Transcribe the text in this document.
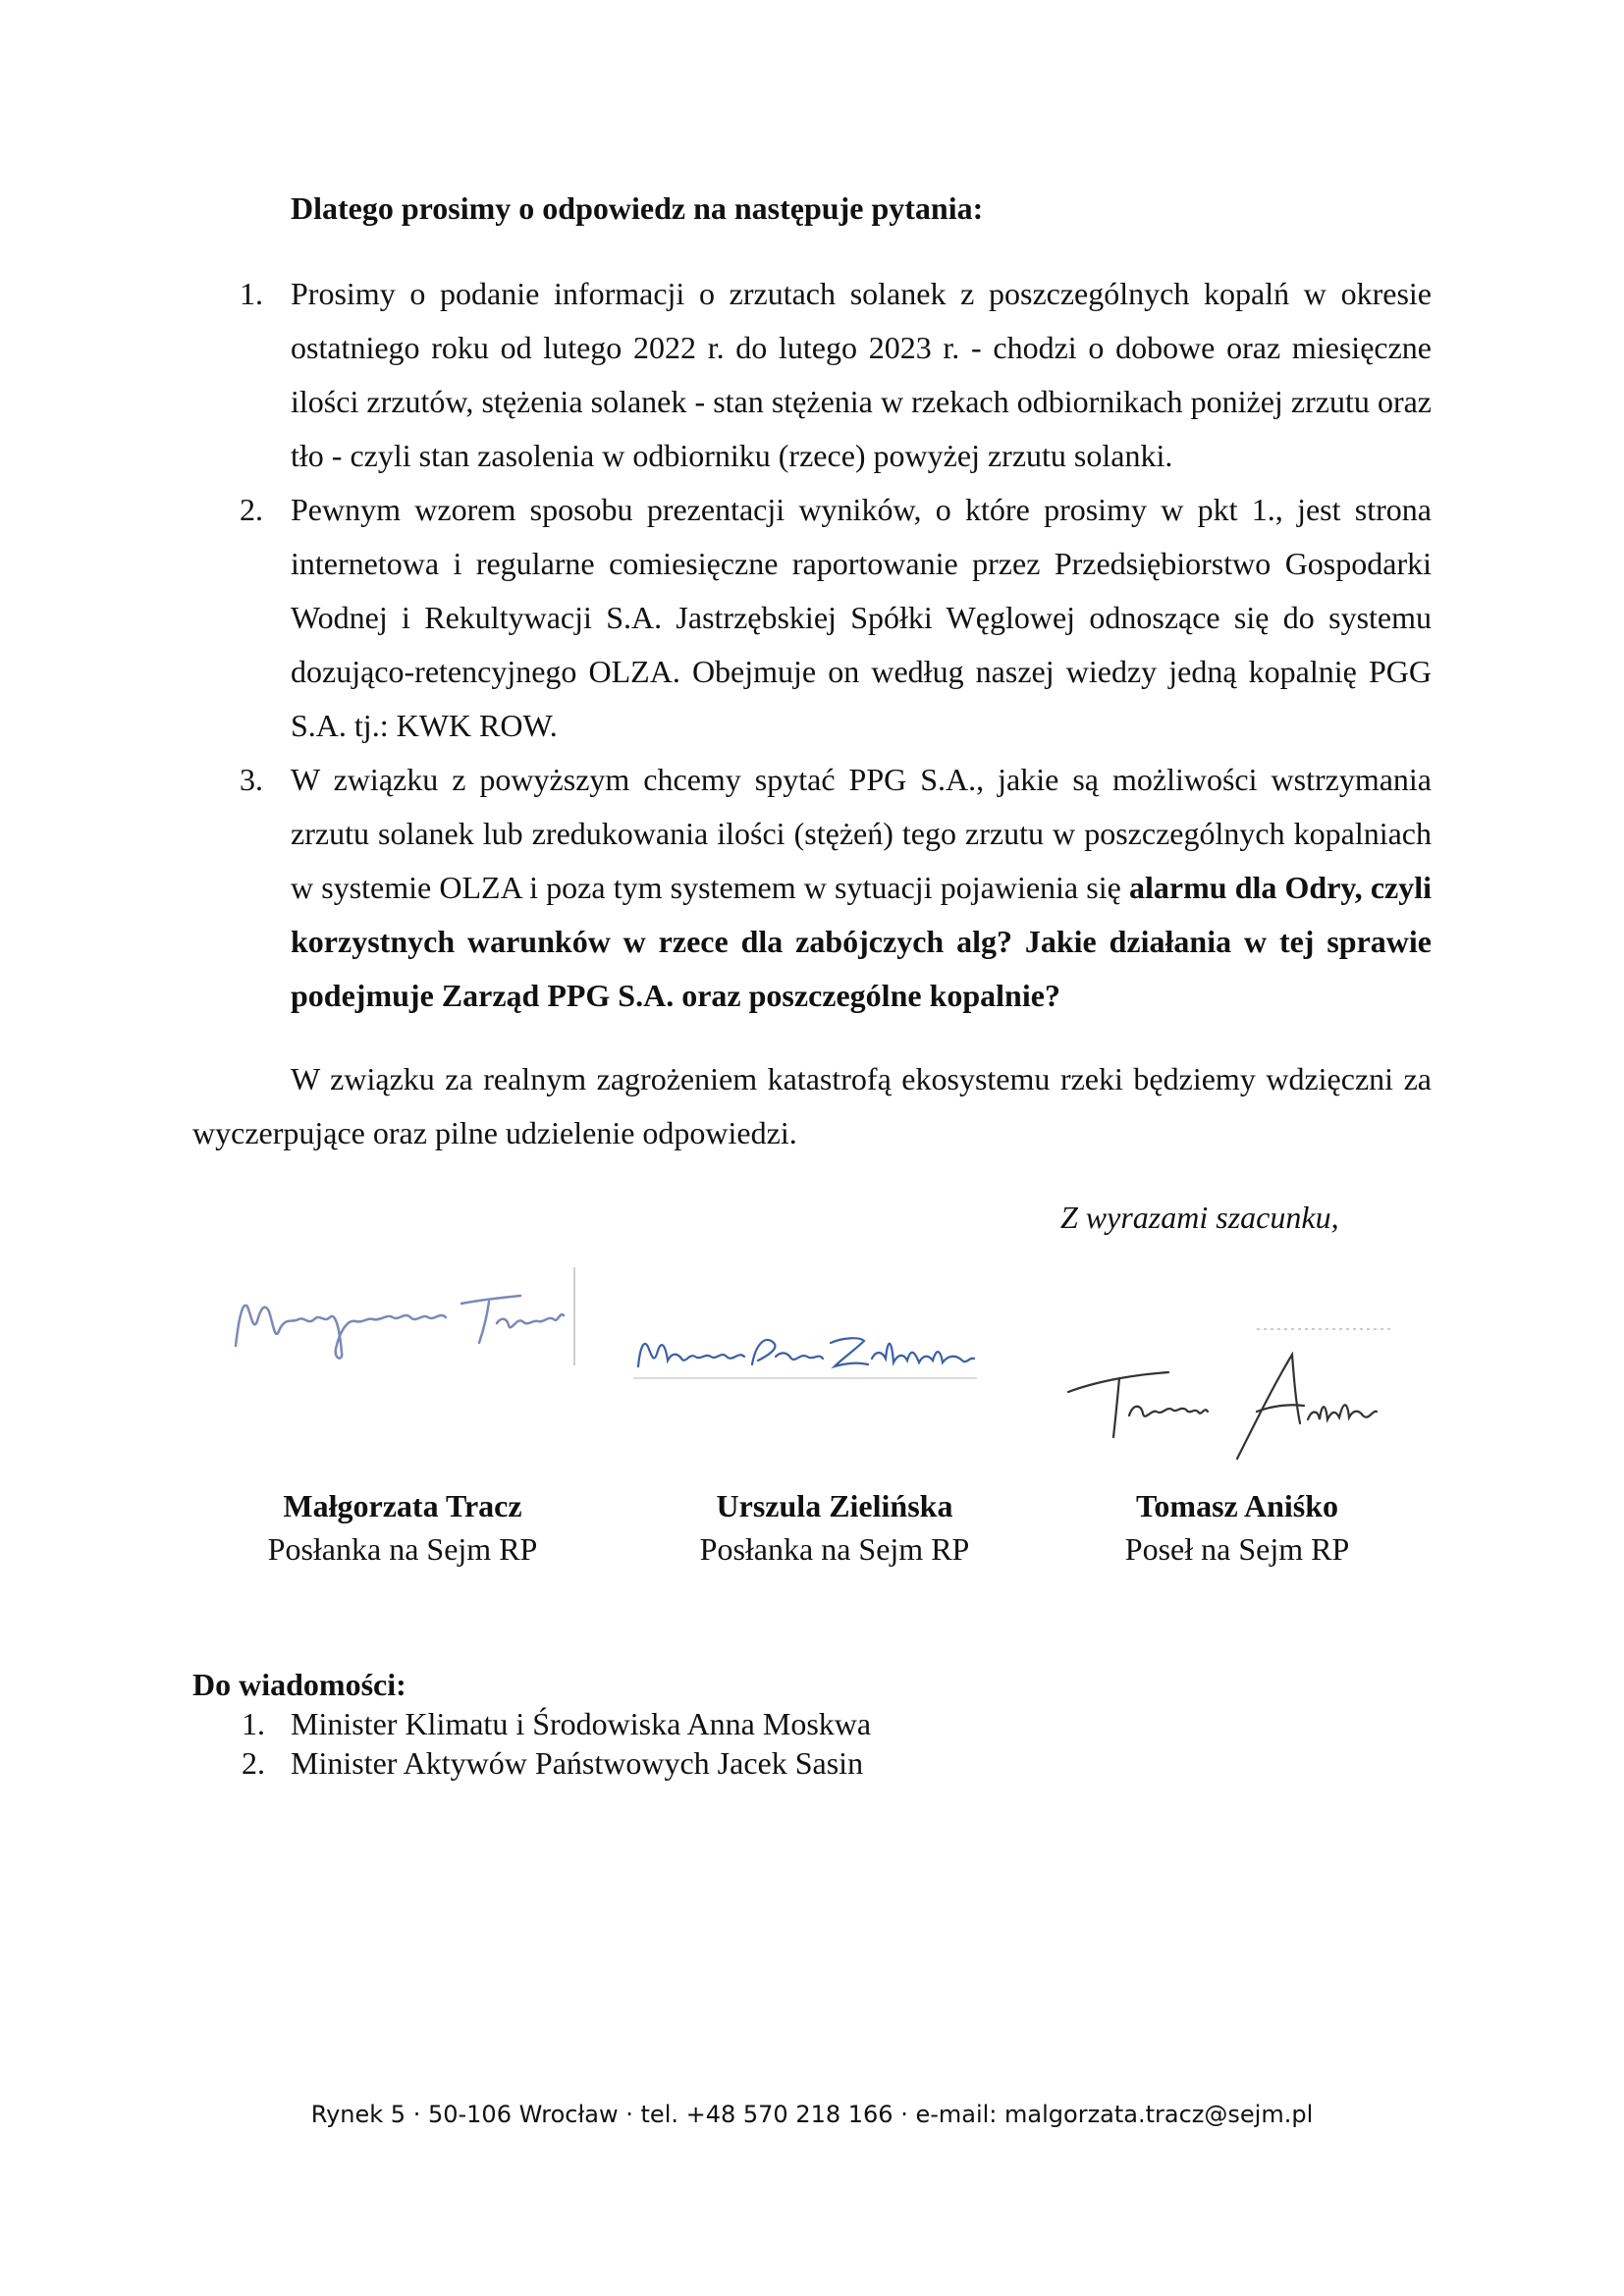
Dlatego prosimy o odpowiedz na następuje pytania:
1. Prosimy o podanie informacji o zrzutach solanek z poszczególnych kopalń w okresie ostatniego roku od lutego 2022 r. do lutego 2023 r. - chodzi o dobowe oraz miesięczne ilości zrzutów, stężenia solanek - stan stężenia w rzekach odbiornikach poniżej zrzutu oraz tło - czyli stan zasolenia w odbiorniku (rzece) powyżej zrzutu solanki.
2. Pewnym wzorem sposobu prezentacji wyników, o które prosimy w pkt 1., jest strona internetowa i regularne comiesięczne raportowanie przez Przedsiębiorstwo Gospodarki Wodnej i Rekultywacji S.A. Jastrzębskiej Spółki Węglowej odnoszące się do systemu dozująco-retencyjnego OLZA. Obejmuje on według naszej wiedzy jedną kopalnię PGG S.A. tj.: KWK ROW.
3. W związku z powyższym chcemy spytać PPG S.A., jakie są możliwości wstrzymania zrzutu solanek lub zredukowania ilości (stężeń) tego zrzutu w poszczególnych kopalniach w systemie OLZA i poza tym systemem w sytuacji pojawienia się alarmu dla Odry, czyli korzystnych warunków w rzece dla zabójczych alg? Jakie działania w tej sprawie podejmuje Zarząd PPG S.A. oraz poszczególne kopalnie?

W związku za realnym zagrożeniem katastrofą ekosystemu rzeki będziemy wdzięczni za wyczerpujące oraz pilne udzielenie odpowiedzi.

Z wyrazami szacunku,
Małgorzata Tracz
Posłanka na Sejm RP
Urszula Zielińska
Posłanka na Sejm RP
Tomasz Aniśko
Poseł na Sejm RP
Do wiadomości:
1. Minister Klimatu i Środowiska Anna Moskwa
2. Minister Aktywów Państwowych Jacek Sasin
Rynek 5 · 50-106 Wrocław · tel. +48 570 218 166 · e-mail: malgorzata.tracz@sejm.pl
